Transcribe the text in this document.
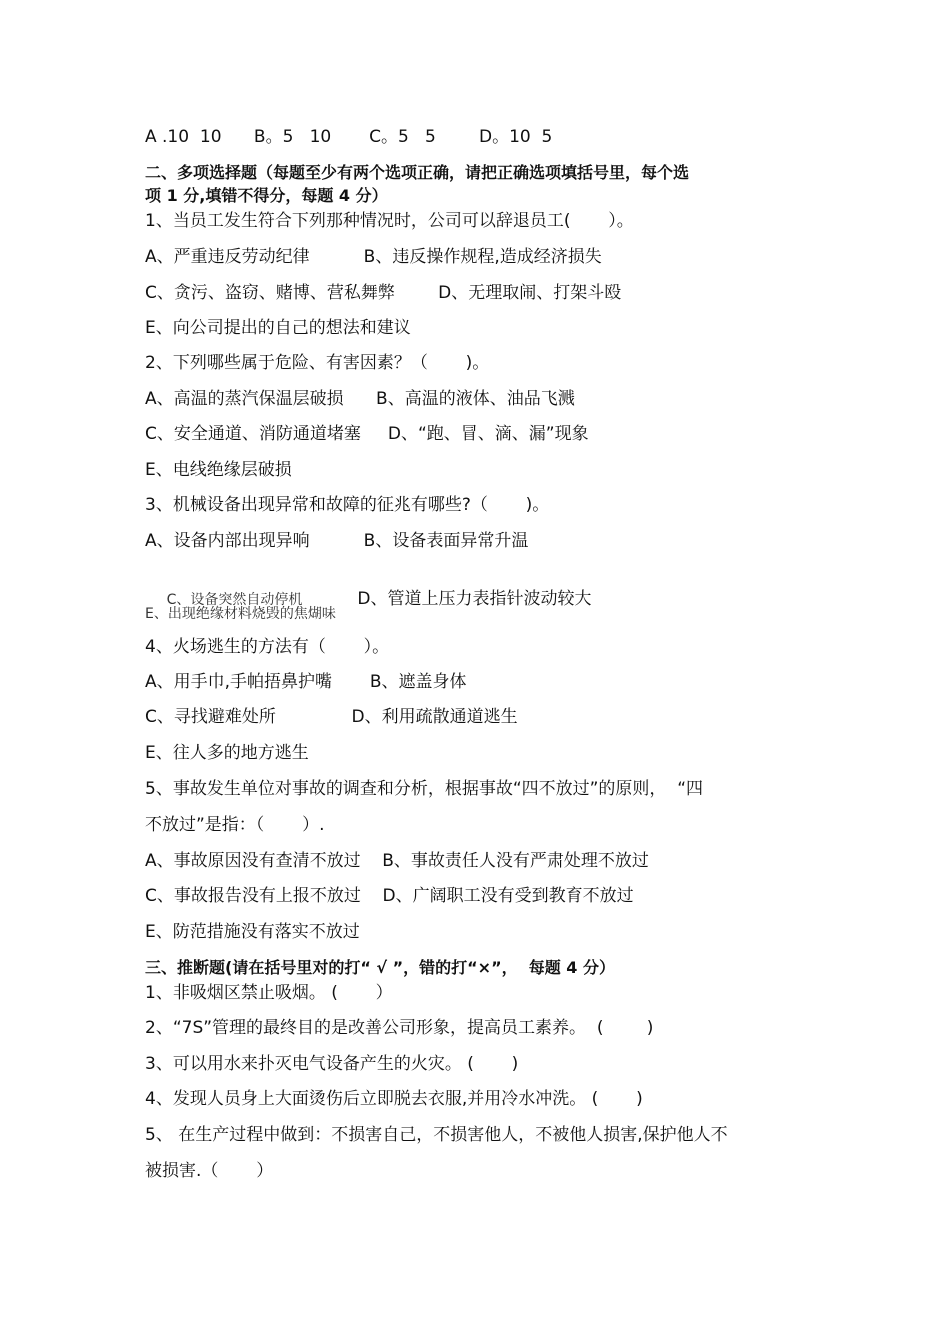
A .10  10      B。5   10       C。5   5        D。10  5
二、多项选择题（每题至少有两个选项正确，请把正确选项填括号里，每个选
项 1 分,填错不得分，每题 4 分）
1、当员工发生符合下列那种情况时，公司可以辞退员工(       ）。
A、严重违反劳动纪律          B、违反操作规程,造成经济损失
C、贪污、盗窃、赌博、营私舞弊        D、无理取闹、打架斗殴
E、向公司提出的自己的想法和建议
2、下列哪些属于危险、有害因素？（       )。
A、高温的蒸汽保温层破损      B、高温的液体、油品飞溅
C、安全通道、消防通道堵塞     D、“跑、冒、滴、漏”现象
E、电线绝缘层破损
3、机械设备出现异常和故障的征兆有哪些?（       )。
A、设备内部出现异响          B、设备表面异常升温

C、设备突然自动停机	D、管道上压力表指针波动较大

E、出现绝缘材料烧毁的焦煳味
4、火场逃生的方法有（       ）。
A、用手巾,手帕捂鼻护嘴       B、遮盖身体
C、寻找避难处所              D、利用疏散通道逃生
E、往人多的地方逃生
5、事故发生单位对事故的调查和分析，根据事故“四不放过”的原则，  “四
不放过”是指：（       ）.
A、事故原因没有查清不放过    B、事故责任人没有严肃处理不放过
C、事故报告没有上报不放过    D、广阔职工没有受到教育不放过
E、防范措施没有落实不放过
三、推断题(请在括号里对的打“ √ ”，错的打“×”，  每题 4 分）
1、非吸烟区禁止吸烟。 (       ）
2、“7S”管理的最终目的是改善公司形象，提高员工素养。  (        )
3、可以用水来扑灭电气设备产生的火灾。 (       )
4、发现人员身上大面烫伤后立即脱去衣服,并用冷水冲洗。 (       )
5、 在生产过程中做到：不损害自己，不损害他人，不被他人损害,保护他人不
被损害.（       ）
